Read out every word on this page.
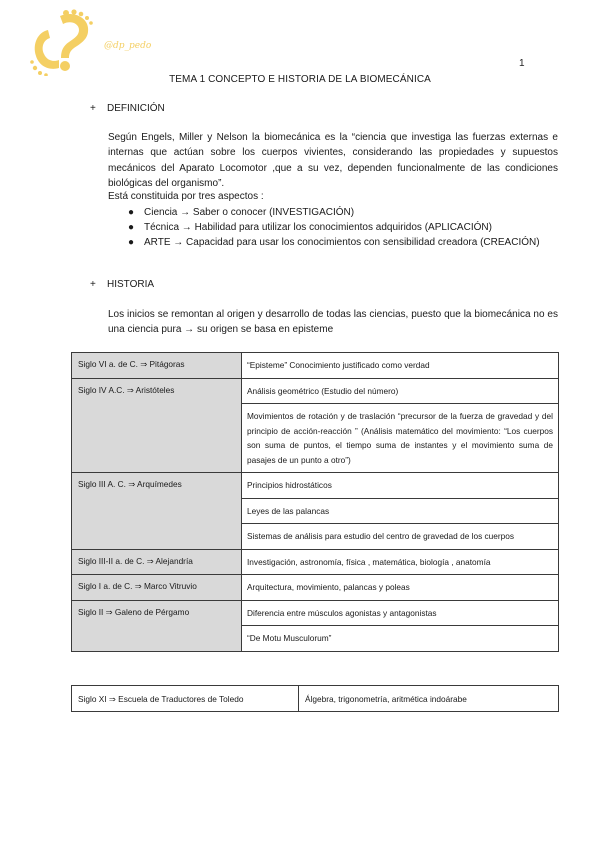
@dp_pedo
1
TEMA 1 CONCEPTO E HISTORIA DE LA BIOMECÁNICA
+ DEFINICIÓN

Según Engels, Miller y Nelson la biomecánica es la “ciencia que investiga las fuerzas externas e internas que actúan sobre los cuerpos vivientes, considerando las propiedades y supuestos mecánicos del Aparato Locomotor ,que a su vez, dependen funcionalmente de las condiciones biológicas del organismo”.

Está constituida por tres aspectos :

● Ciencia → Saber o conocer (INVESTIGACIÓN)
● Técnica → Habilidad para utilizar los conocimientos adquiridos (APLICACIÓN)
● ARTE → Capacidad para usar los conocimientos con sensibilidad creadora (CREACIÓN)
+ HISTORIA

Los inicios se remontan al origen y desarrollo de todas las ciencias, puesto que la biomecánica no es una ciencia pura → su origen se basa en episteme

Siglo VI a. de C. ⇒ Pitágoras	“Episteme” Conocimiento justificado como verdad
Siglo IV A.C. ⇒ Aristóteles	Análisis geométrico (Estudio del número)
	Movimientos de rotación y de traslación “precursor de la fuerza de gravedad y del principio de acción-reacción ” (Análisis matemático del movimiento: “Los cuerpos son suma de puntos, el tiempo suma de instantes y el movimiento suma de pasajes de un punto a otro”)
Siglo III A. C. ⇒ Arquímedes	Principios hidrostáticos
	Leyes de las palancas
	Sistemas de análisis para estudio del centro de gravedad de los cuerpos
Siglo III-II a. de C. ⇒ Alejandría	Investigación, astronomía, física , matemática, biología , anatomía
Siglo I a. de C. ⇒ Marco Vitruvio	Arquitectura, movimiento, palancas y poleas
Siglo II ⇒ Galeno de Pérgamo	Diferencia entre músculos agonistas y antagonistas
	“De Motu Musculorum”
Siglo XI ⇒ Escuela de Traductores de Toledo	Álgebra, trigonometría, aritmética indoárabe
